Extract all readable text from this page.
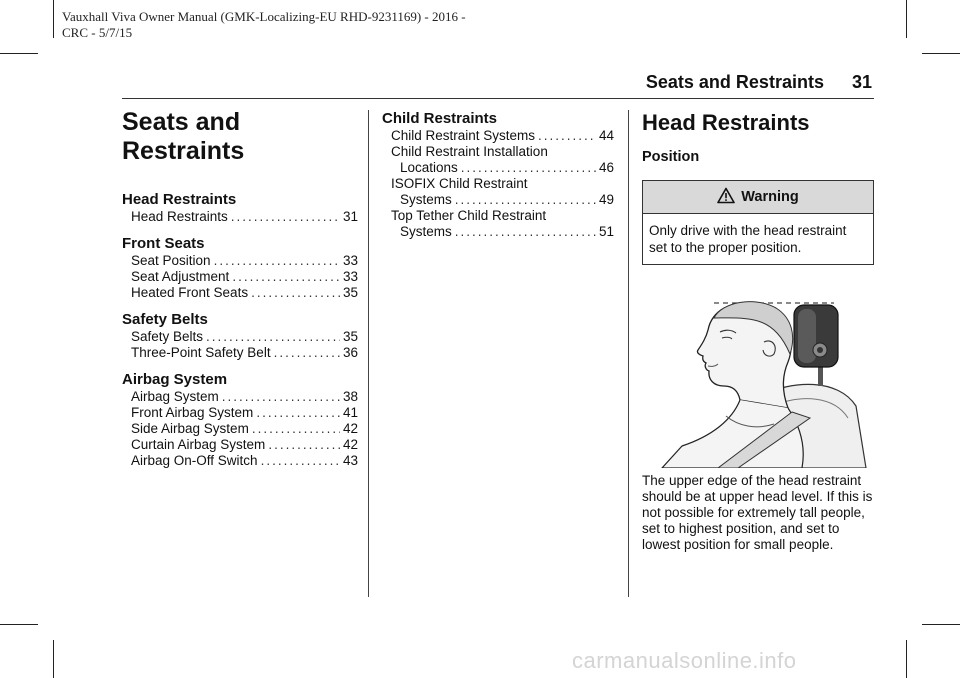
Vauxhall Viva Owner Manual (GMK-Localizing-EU RHD-9231169) - 2016 -
CRC - 5/7/15
Seats and Restraints 31
Seats and
Restraints
Head Restraints
Head Restraints .....	31
Front Seats
Seat Position .....	33
Seat Adjustment .....	33
Heated Front Seats .....	35
Safety Belts
Safety Belts .....	35
Three-Point Safety Belt .....	36
Airbag System
Airbag System .....	38
Front Airbag System .....	41
Side Airbag System .....	42
Curtain Airbag System .....	42
Airbag On-Off Switch .....	43
Child Restraints
Child Restraint Systems .....	44
Child Restraint Installation
Locations .....	46
ISOFIX Child Restraint
Systems .....	49
Top Tether Child Restraint
Systems .....	51
Head Restraints
Position
Warning
Only drive with the head restraint set to the proper position.
The upper edge of the head restraint should be at upper head level. If this is not possible for extremely tall people, set to highest position, and set to lowest position for small people.
carmanualsonline.info
